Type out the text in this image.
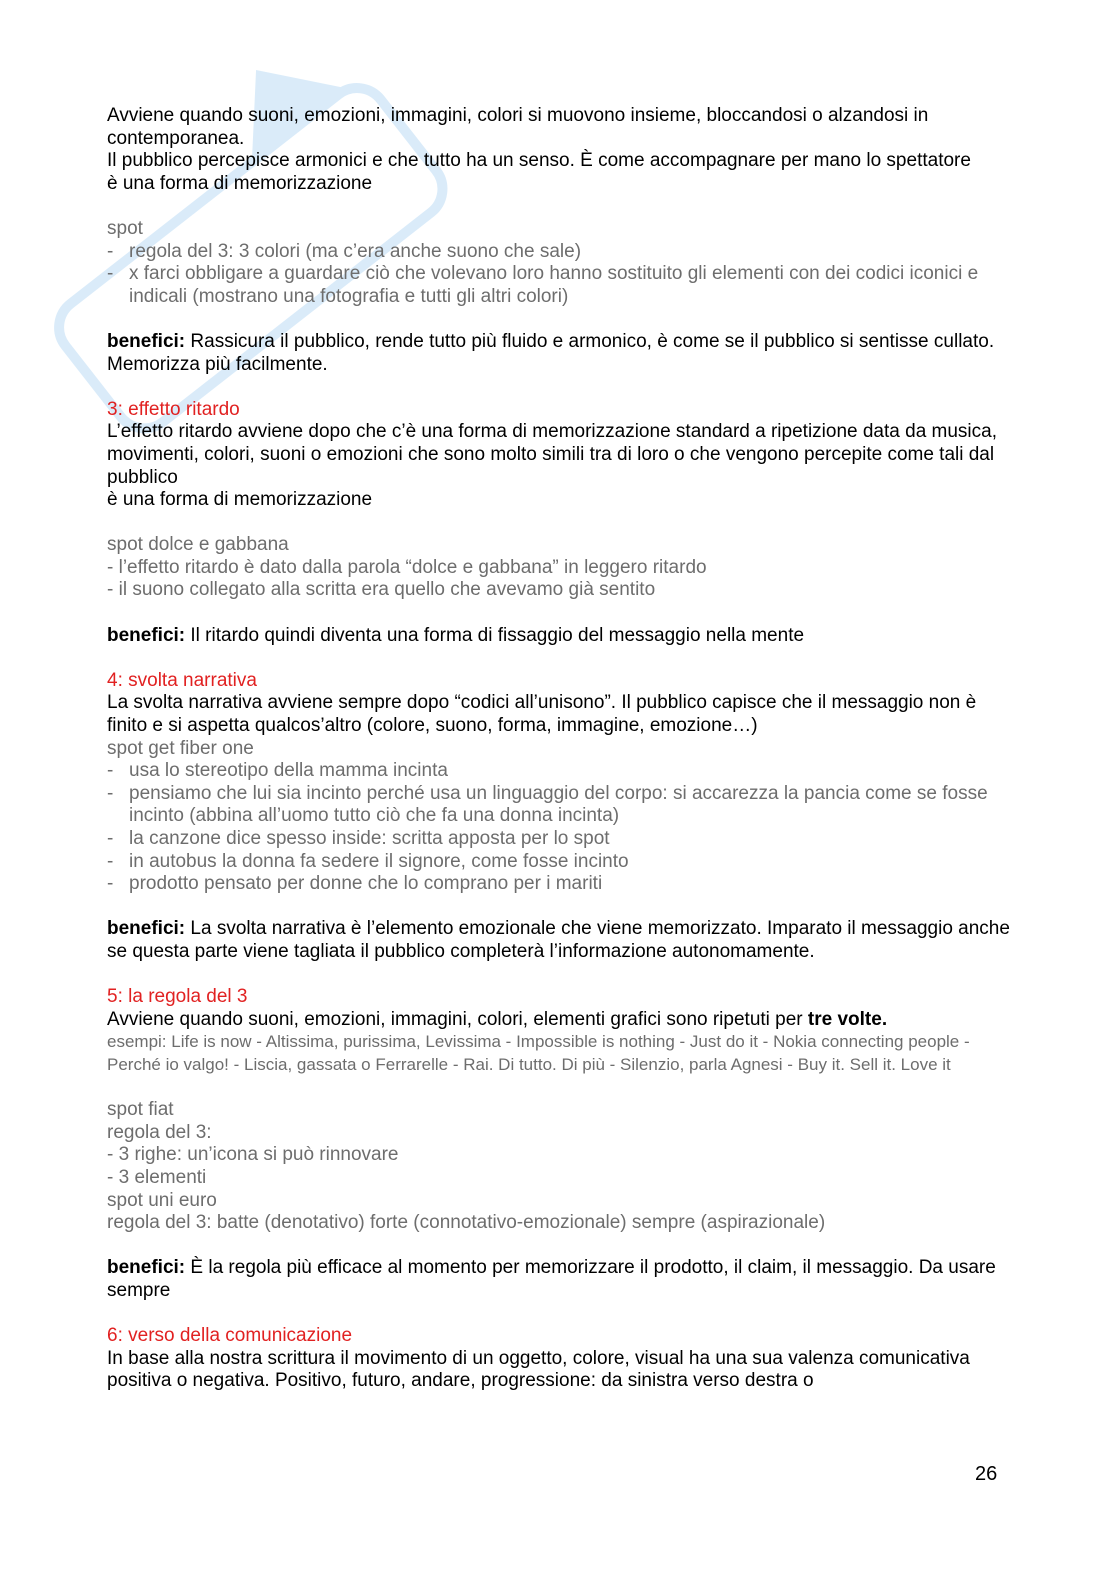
Avviene quando suoni, emozioni, immagini, colori si muovono insieme, bloccandosi o alzandosi in contemporanea.

Il pubblico percepisce armonici e che tutto ha un senso. È come accompagnare per mano lo spettatore

è una forma di memorizzazione

spot

- regola del 3: 3 colori (ma c’era anche suono che sale)
- x farci obbligare a guardare ciò che volevano loro hanno sostituito gli elementi con dei codici iconici e indicali (mostrano una fotografia e tutti gli altri colori)

benefici: Rassicura il pubblico, rende tutto più fluido e armonico, è come se il pubblico si sentisse cullato. Memorizza più facilmente.

3: effetto ritardo

L’effetto ritardo avviene dopo che c’è una forma di memorizzazione standard a ripetizione data da musica, movimenti, colori, suoni o emozioni che sono molto simili tra di loro o che vengono percepite come tali dal pubblico

è una forma di memorizzazione

spot dolce e gabbana

- l’effetto ritardo è dato dalla parola “dolce e gabbana” in leggero ritardo

- il suono collegato alla scritta era quello che avevamo già sentito

benefici: Il ritardo quindi diventa una forma di fissaggio del messaggio nella mente

4: svolta narrativa

La svolta narrativa avviene sempre dopo “codici all’unisono”. Il pubblico capisce che il messaggio non è finito e si aspetta qualcos’altro (colore, suono, forma, immagine, emozione…)

spot get fiber one

- usa lo stereotipo della mamma incinta
- pensiamo che lui sia incinto perché usa un linguaggio del corpo: si accarezza la pancia come se fosse incinto (abbina all’uomo tutto ciò che fa una donna incinta)
- la canzone dice spesso inside: scritta apposta per lo spot
- in autobus la donna fa sedere il signore, come fosse incinto
- prodotto pensato per donne che lo comprano per i mariti

benefici: La svolta narrativa è l’elemento emozionale che viene memorizzato. Imparato il messaggio anche se questa parte viene tagliata il pubblico completerà l’informazione autonomamente.

5: la regola del 3

Avviene quando suoni, emozioni, immagini, colori, elementi grafici sono ripetuti per tre volte.

esempi: Life is now - Altissima, purissima, Levissima - Impossible is nothing - Just do it - Nokia connecting people - Perché io valgo! - Liscia, gassata o Ferrarelle - Rai. Di tutto. Di più - Silenzio, parla Agnesi - Buy it. Sell it. Love it

spot fiat

regola del 3:

- 3 righe: un’icona si può rinnovare

- 3 elementi

spot uni euro

regola del 3: batte (denotativo) forte (connotativo-emozionale) sempre (aspirazionale)

benefici: È la regola più efficace al momento per memorizzare il prodotto, il claim, il messaggio. Da usare sempre

6: verso della comunicazione

In base alla nostra scrittura il movimento di un oggetto, colore, visual ha una sua valenza comunicativa positiva o negativa. Positivo, futuro, andare, progressione: da sinistra verso destra o

26
